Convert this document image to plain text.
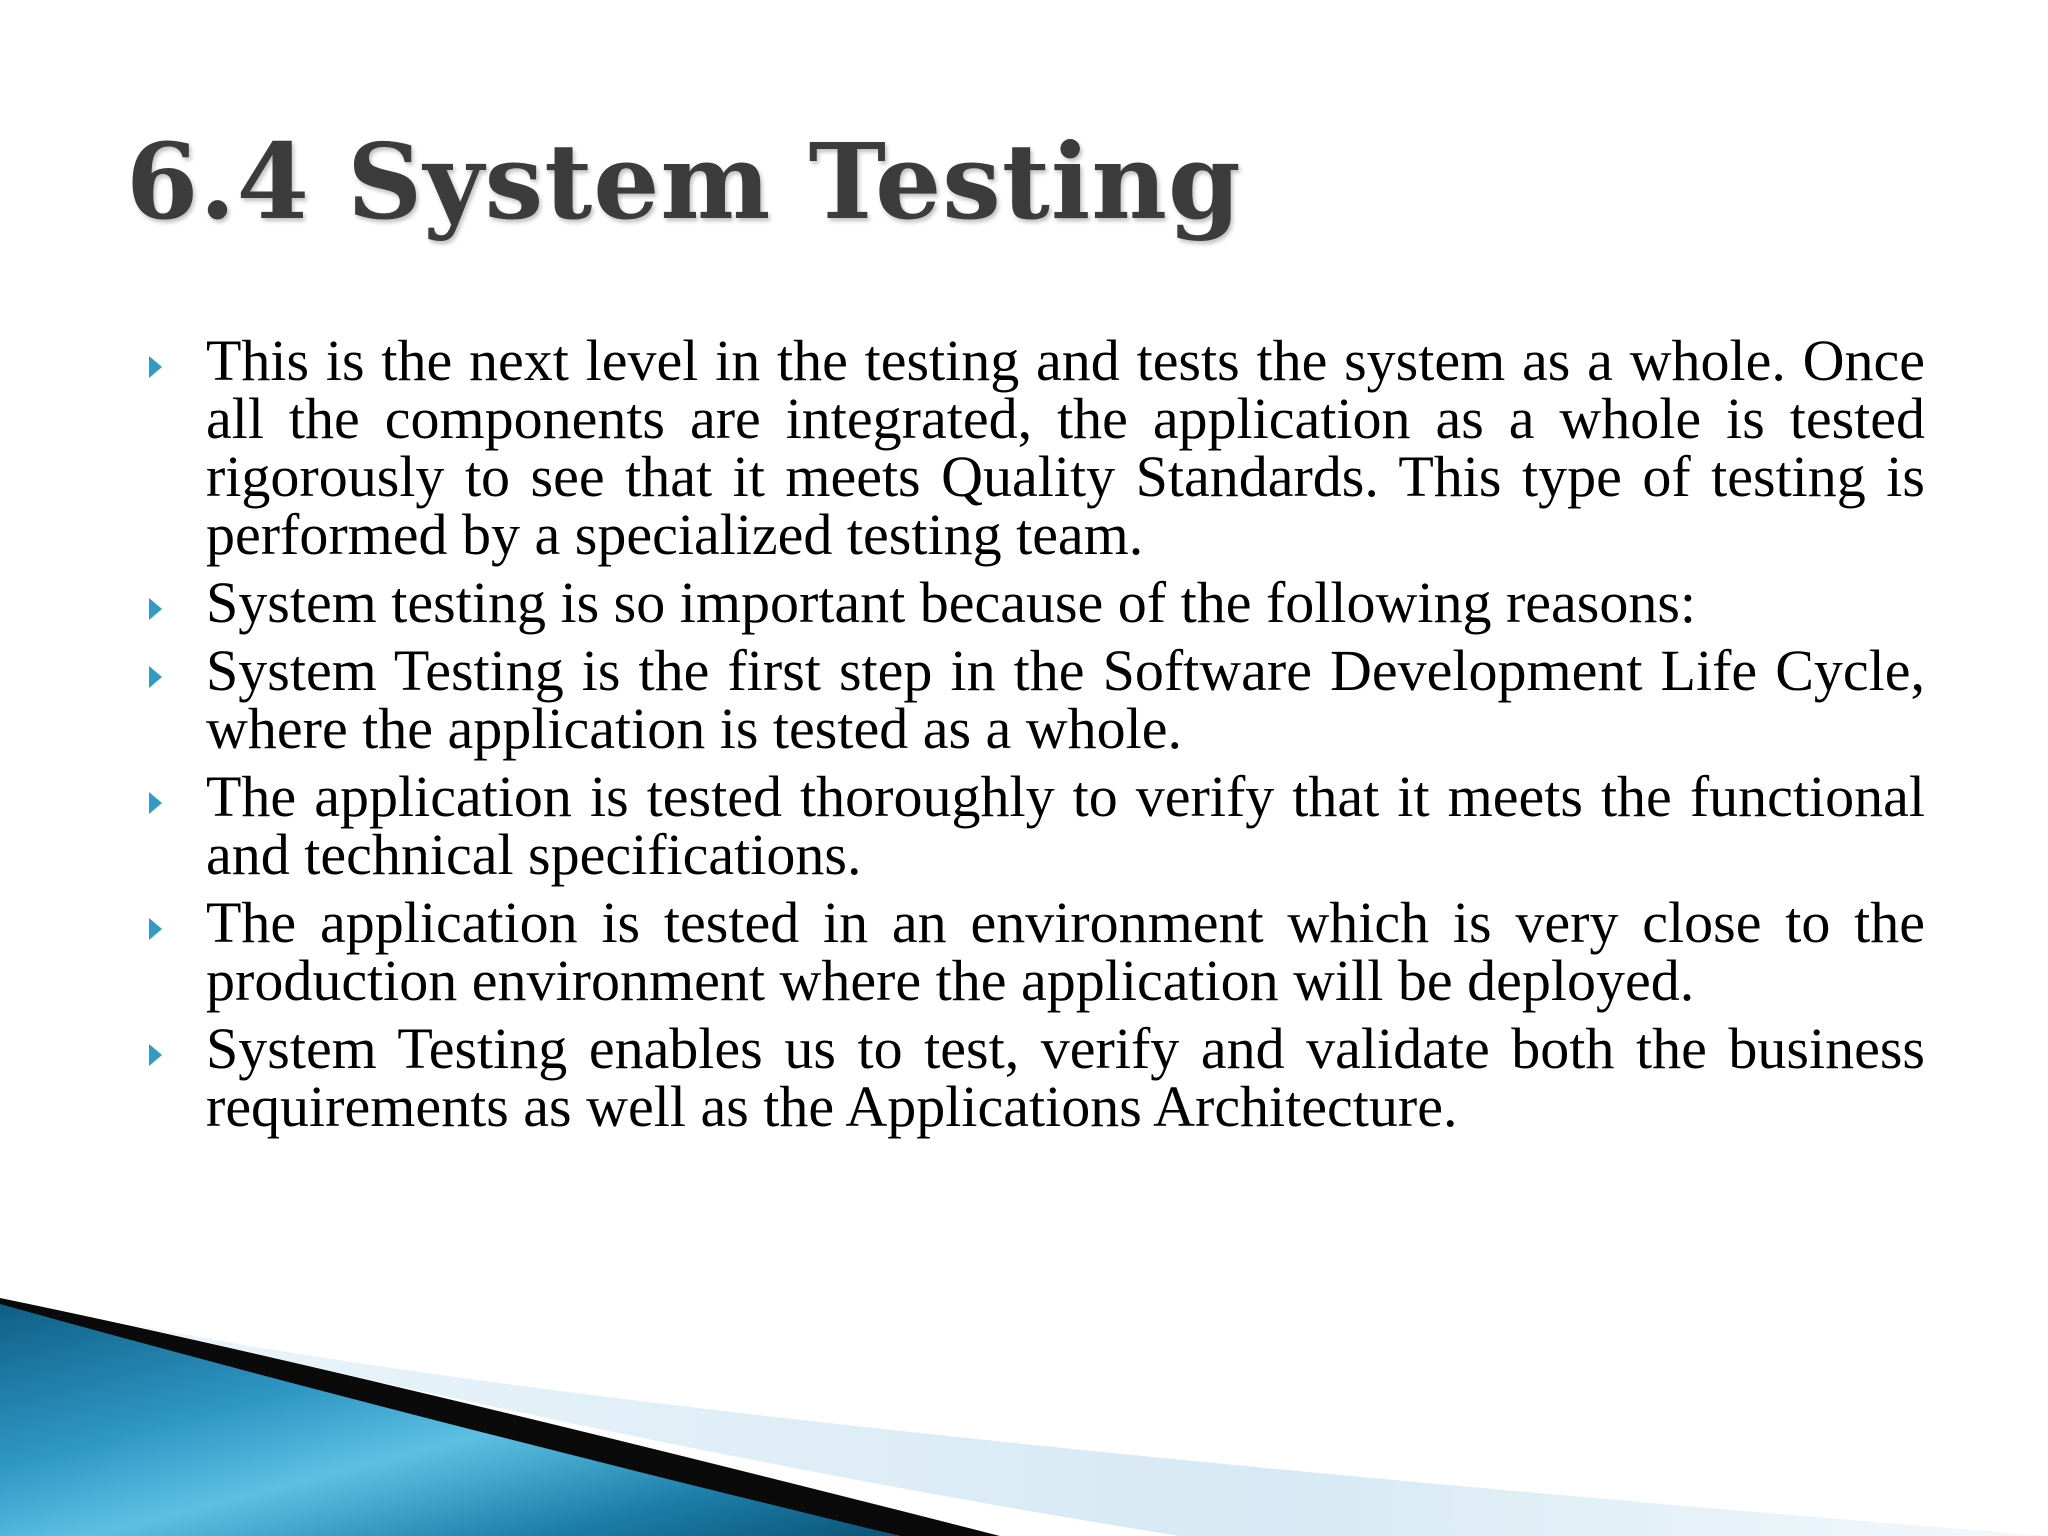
6.4 System Testing
This is the next level in the testing and tests the system as a whole. Once all the components are integrated, the application as a whole is tested rigorously to see that it meets Quality Standards. This type of testing is performed by a specialized testing team.
System testing is so important because of the following reasons:
System Testing is the first step in the Software Development Life Cycle, where the application is tested as a whole.
The application is tested thoroughly to verify that it meets the functional and technical specifications.
The application is tested in an environment which is very close to the production environment where the application will be deployed.
System Testing enables us to test, verify and validate both the business requirements as well as the Applications Architecture.
